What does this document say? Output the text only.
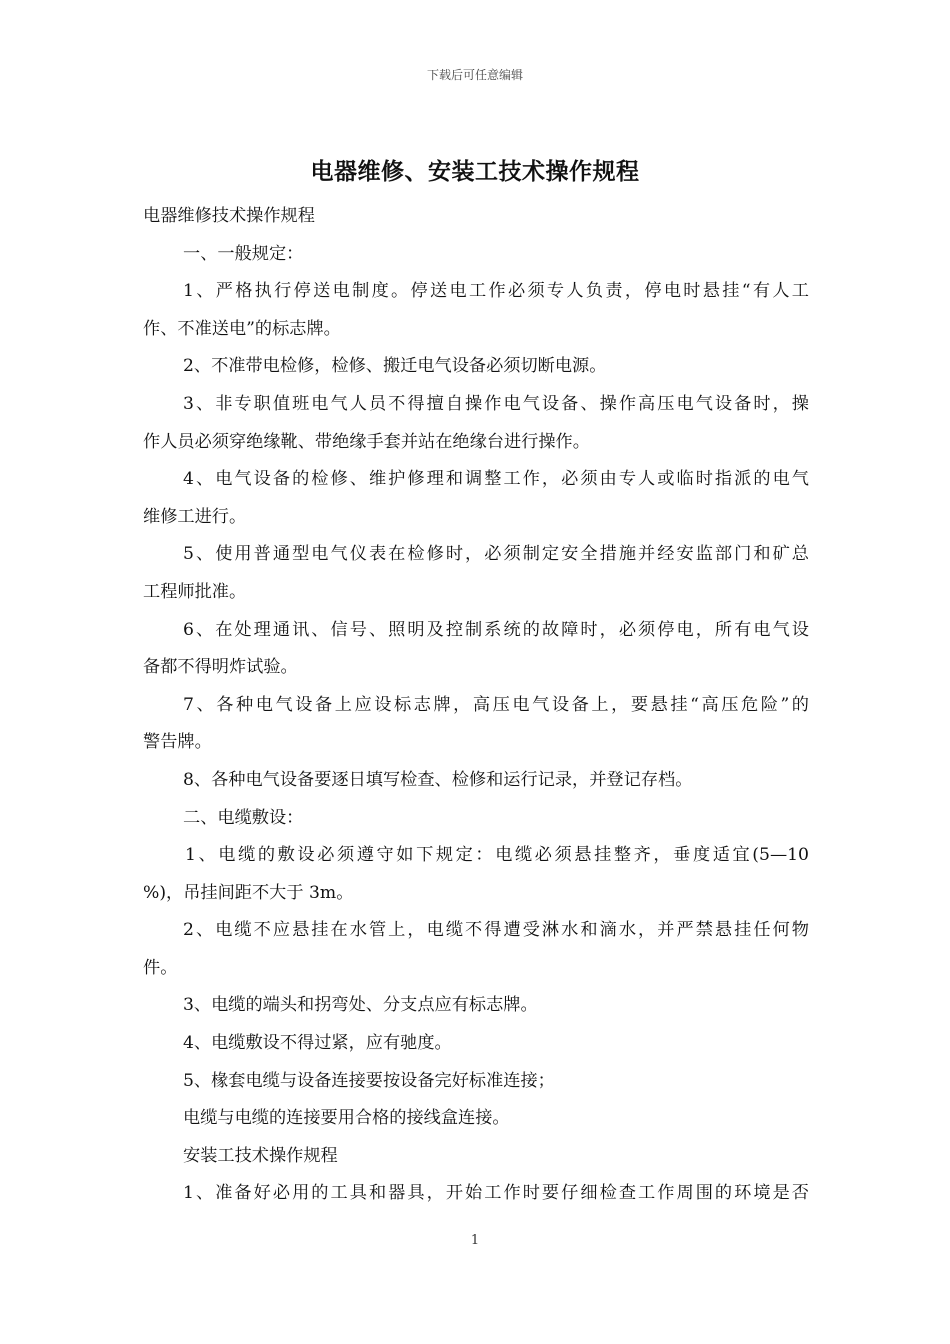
下载后可任意编辑
电器维修、安装工技术操作规程
电器维修技术操作规程
一、一般规定：
1、严格执行停送电制度。停送电工作必须专人负责，停电时悬挂“有人工
作、不准送电”的标志牌。
2、不准带电检修，检修、搬迁电气设备必须切断电源。
3、非专职值班电气人员不得擅自操作电气设备、操作高压电气设备时，操
作人员必须穿绝缘靴、带绝缘手套并站在绝缘台进行操作。
4、电气设备的检修、维护修理和调整工作，必须由专人或临时指派的电气
维修工进行。
5、使用普通型电气仪表在检修时，必须制定安全措施并经安监部门和矿总
工程师批准。
6、在处理通讯、信号、照明及控制系统的故障时，必须停电，所有电气设
备都不得明炸试验。
7、各种电气设备上应设标志牌，高压电气设备上，要悬挂“高压危险”的
警告牌。
8、各种电气设备要逐日填写检查、检修和运行记录，并登记存档。
二、电缆敷设：
1、电缆的敷设必须遵守如下规定：电缆必须悬挂整齐，垂度适宜(5—10
%)，吊挂间距不大于 3m。
2、电缆不应悬挂在水管上，电缆不得遭受淋水和滴水，并严禁悬挂任何物
件。
3、电缆的端头和拐弯处、分支点应有标志牌。
4、电缆敷设不得过紧，应有驰度。
5、椽套电缆与设备连接要按设备完好标准连接；
电缆与电缆的连接要用合格的接线盒连接。
安装工技术操作规程
1、准备好必用的工具和器具，开始工作时要仔细检查工作周围的环境是否
1
